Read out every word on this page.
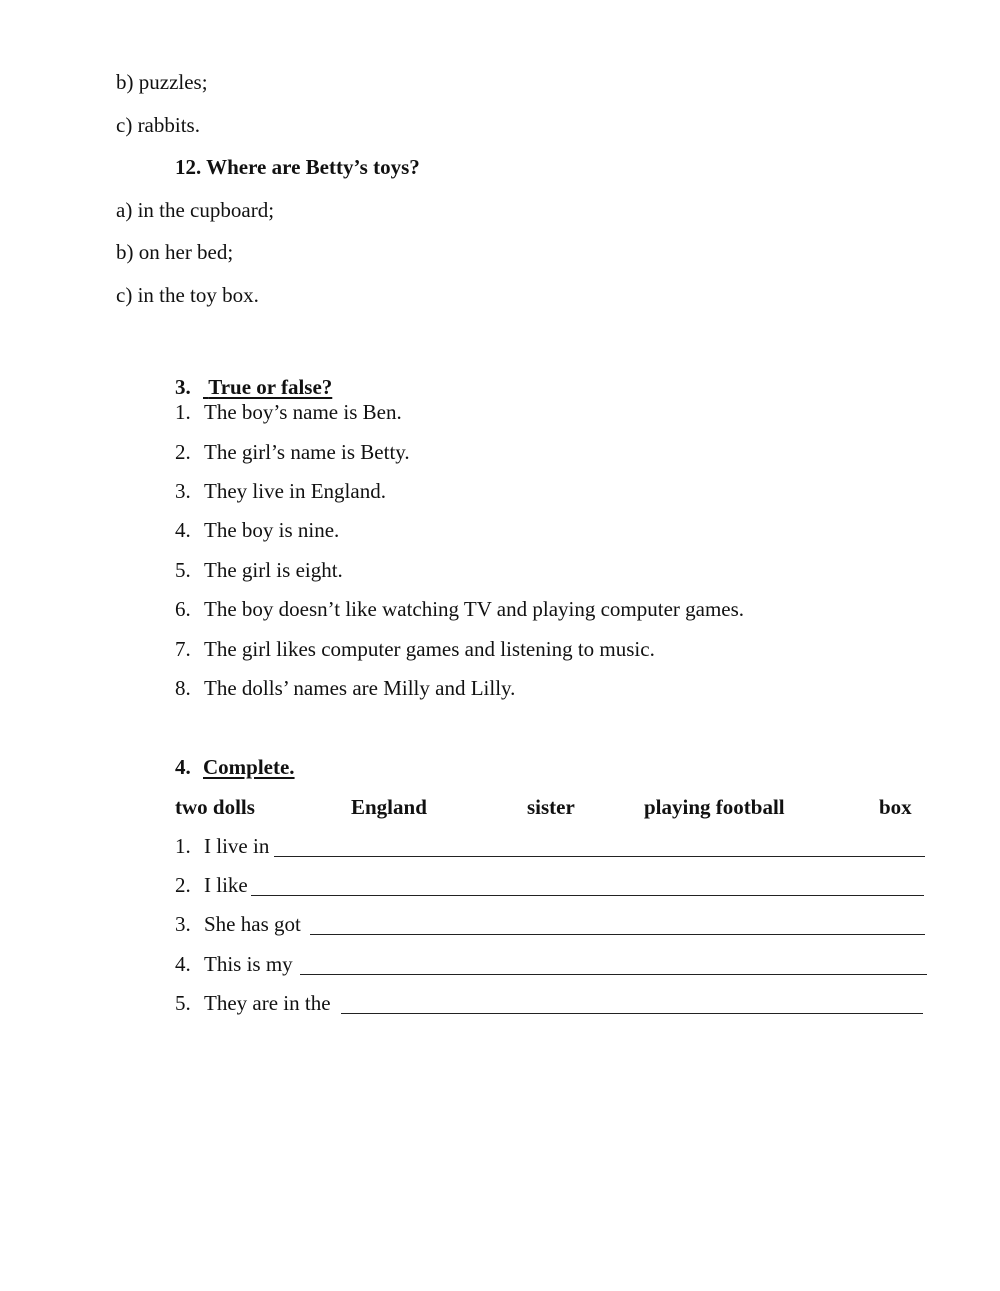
b) puzzles;
c) rabbits.
12. Where are Betty’s toys?
a) in the cupboard;
b) on her bed;
c) in the toy box.
3. True or false?
1. The boy’s name is Ben.
2. The girl’s name is Betty.
3. They live in England.
4. The boy is nine.
5. The girl is eight.
6. The boy doesn’t like watching TV and playing computer games.
7. The girl likes computer games and listening to music.
8. The dolls’ names are Milly and Lilly.
4. Complete.
two dolls	England	sister	playing football	box
1. I live in
2. I like
3. She has got
4. This is my
5. They are in the
